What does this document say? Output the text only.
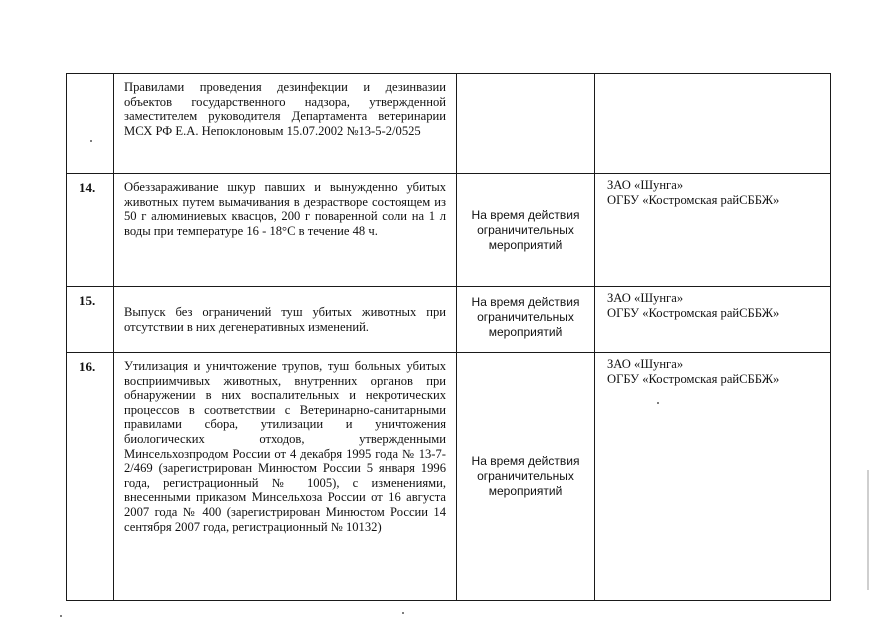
	Правилами проведения дезинфекции и дезинвазии объектов государственного надзора, утвержденной заместителем руководителя Департамента ветеринарии МСХ РФ Е.А. Непоклоновым 15.07.2002 №13-5-2/0525		
14.	Обеззараживание шкур павших и вынужденно убитых животных путем вымачивания в дезрастворе состоящем из 50 г алюминиевых квасцов, 200 г поваренной соли на 1 л воды при температуре 16 - 18°С в течение 48 ч.	На время действия ограничительных мероприятий	ЗАО «Шунга»
ОГБУ «Костромская райСББЖ»

15.	Выпуск без ограничений туш убитых животных при отсутствии в них дегенеративных изменений.	На время действия ограничительных мероприятий	ЗАО «Шунга»
ОГБУ «Костромская райСББЖ»

16.	Утилизация и уничтожение трупов, туш больных убитых восприимчивых животных, внутренних органов при обнаружении в них воспалительных и некротических процессов в соответствии с Ветеринарно-санитарными правилами сбора, утилизации и уничтожения биологических отходов, утвержденными Минсельхозпродом России от 4 декабря 1995 года № 13-7-2/469 (зарегистрирован Минюстом России 5 января 1996 года, регистрационный № 1005), с изменениями, внесенными приказом Минсельхоза России от 16 августа 2007 года № 400 (зарегистрирован Минюстом России 14 сентября 2007 года, регистрационный № 10132)	На время действия ограничительных мероприятий	ЗАО «Шунга»
ОГБУ «Костромская райСББЖ»
